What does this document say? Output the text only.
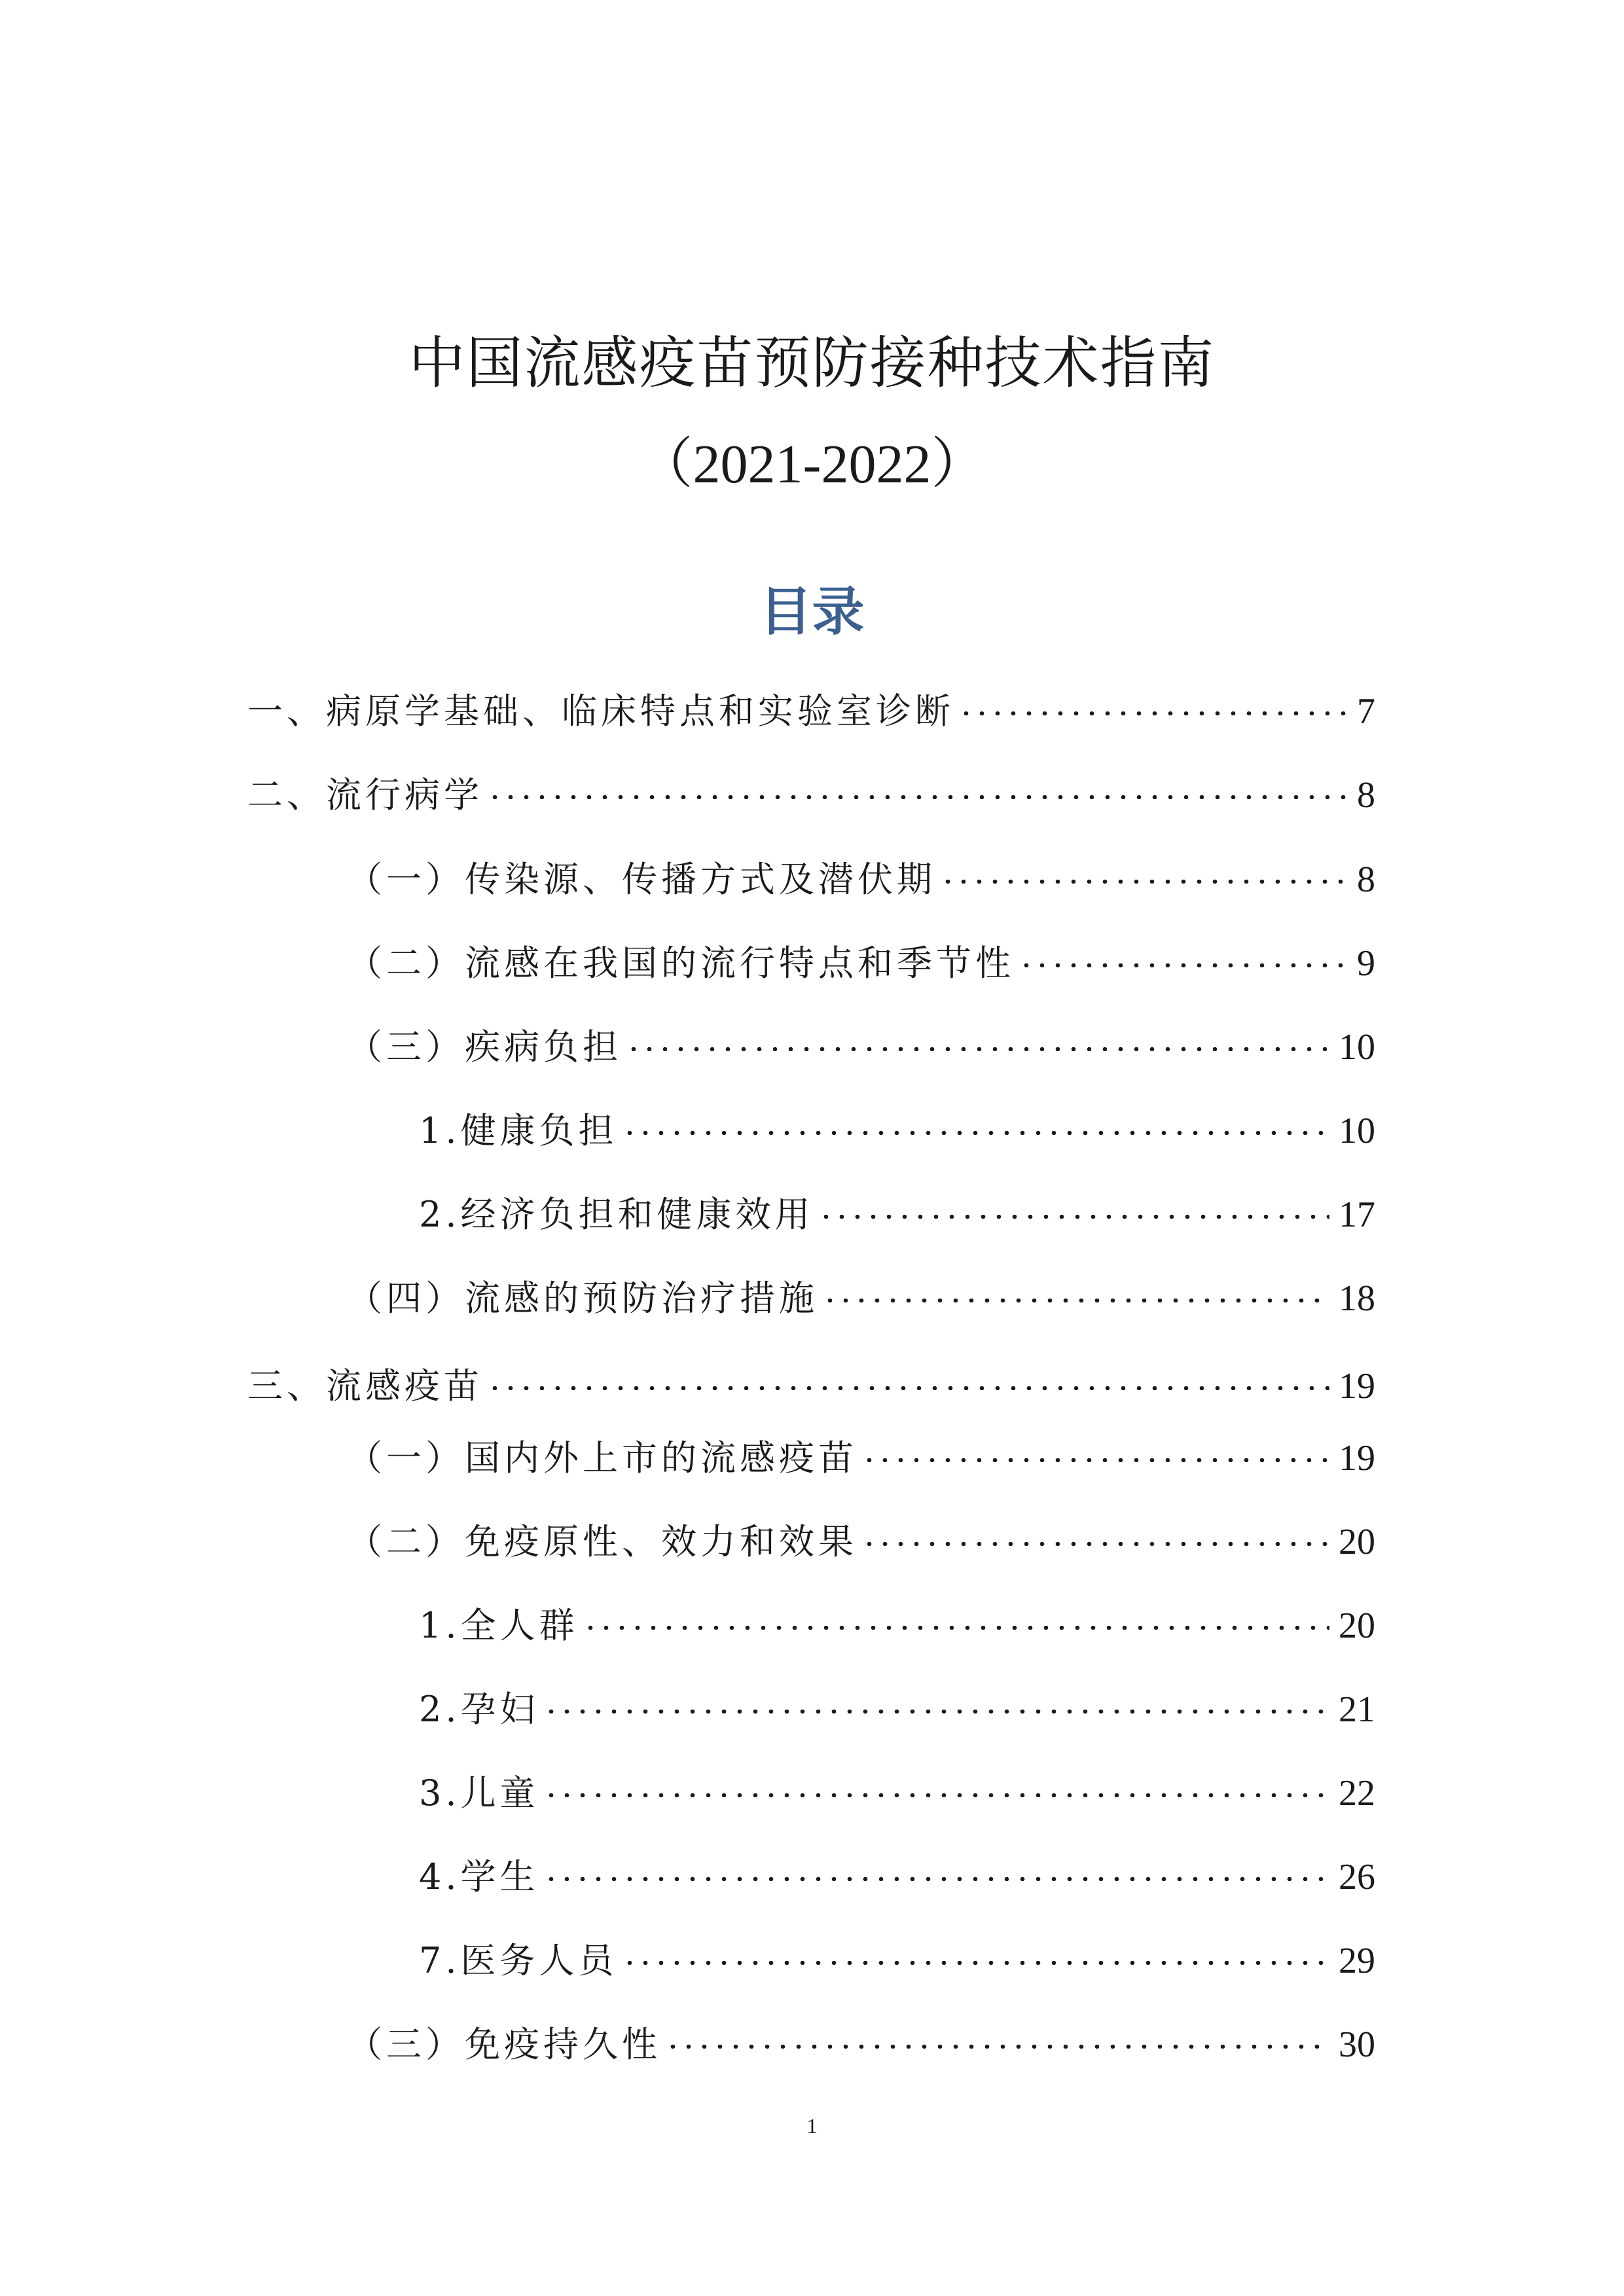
中国流感疫苗预防接种技术指南
（2021-2022）
目录
一、病原学基础、临床特点和实验室诊断	7
二、流行病学	8
（一）传染源、传播方式及潜伏期	8
（二）流感在我国的流行特点和季节性	9
（三）疾病负担	10
1.健康负担	10
2.经济负担和健康效用	17
（四）流感的预防治疗措施	18
三、流感疫苗	19
（一）国内外上市的流感疫苗	19
（二）免疫原性、效力和效果	20
1.全人群	20
2.孕妇	21
3.儿童	22
4.学生	26
7.医务人员	29
（三）免疫持久性	30
1
